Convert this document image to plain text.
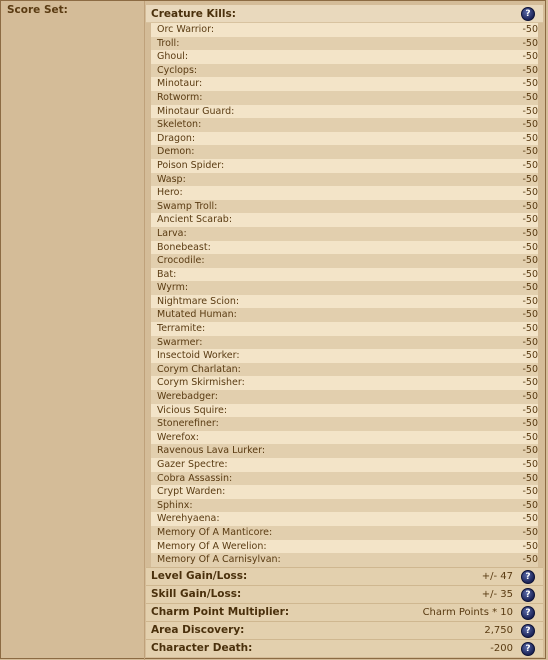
Score Set:	Creature Kills:	?
Orc Warrior:	-50
Troll:	-50
Ghoul:	-50
Cyclops:	-50
Minotaur:	-50
Rotworm:	-50
Minotaur Guard:	-50
Skeleton:	-50
Dragon:	-50
Demon:	-50
Poison Spider:	-50
Wasp:	-50
Hero:	-50
Swamp Troll:	-50
Ancient Scarab:	-50
Larva:	-50
Bonebeast:	-50
Crocodile:	-50
Bat:	-50
Wyrm:	-50
Nightmare Scion:	-50
Mutated Human:	-50
Terramite:	-50
Swarmer:	-50
Insectoid Worker:	-50
Corym Charlatan:	-50
Corym Skirmisher:	-50
Werebadger:	-50
Vicious Squire:	-50
Stonerefiner:	-50
Werefox:	-50
Ravenous Lava Lurker:	-50
Gazer Spectre:	-50
Cobra Assassin:	-50
Crypt Warden:	-50
Sphinx:	-50
Werehyaena:	-50
Memory Of A Manticore:	-50
Memory Of A Werelion:	-50
Memory Of A Carnisylvan:	-50
Level Gain/Loss:	+/- 47	?
Skill Gain/Loss:	+/- 35	?
Charm Point Multiplier:	Charm Points * 10	?
Area Discovery:	2,750	?
Character Death:	-200	?
